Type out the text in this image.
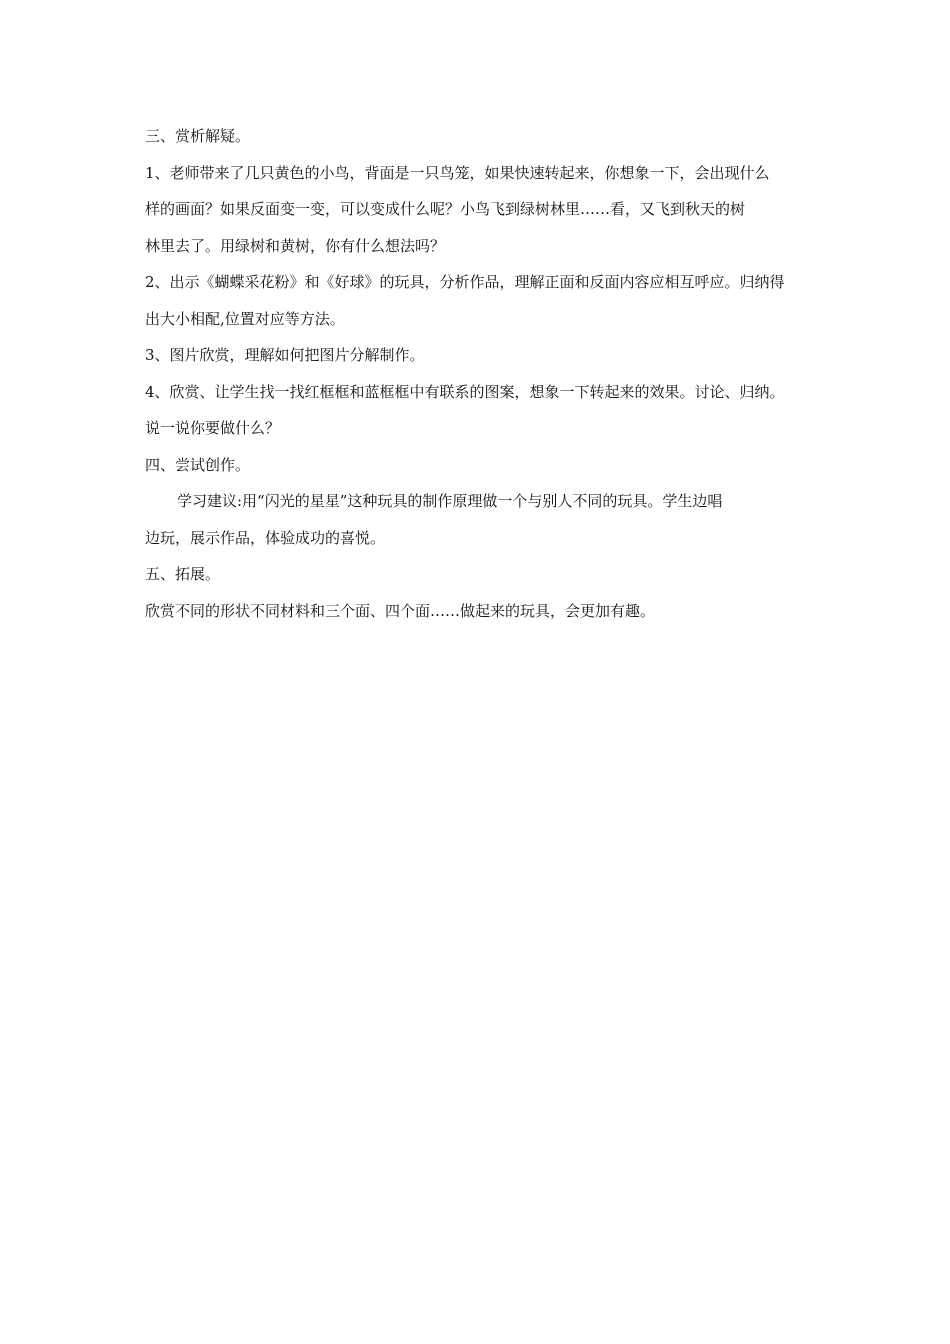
三、赏析解疑。

1、老师带来了几只黄色的小鸟，背面是一只鸟笼，如果快速转起来，你想象一下，会出现什么

样的画面？如果反面变一变，可以变成什么呢？小鸟飞到绿树林里……看，又飞到秋天的树

林里去了。用绿树和黄树，你有什么想法吗？

2、出示《蝴蝶采花粉》和《好球》的玩具，分析作品，理解正面和反面内容应相互呼应。归纳得

出大小相配,位置对应等方法。

3、图片欣赏，理解如何把图片分解制作。

4、欣赏、让学生找一找红框框和蓝框框中有联系的图案，想象一下转起来的效果。讨论、归纳。

说一说你要做什么？

四、尝试创作。

学习建议:用“闪光的星星”这种玩具的制作原理做一个与别人不同的玩具。学生边唱

边玩，展示作品，体验成功的喜悦。

五、拓展。

欣赏不同的形状不同材料和三个面、四个面……做起来的玩具，会更加有趣。
